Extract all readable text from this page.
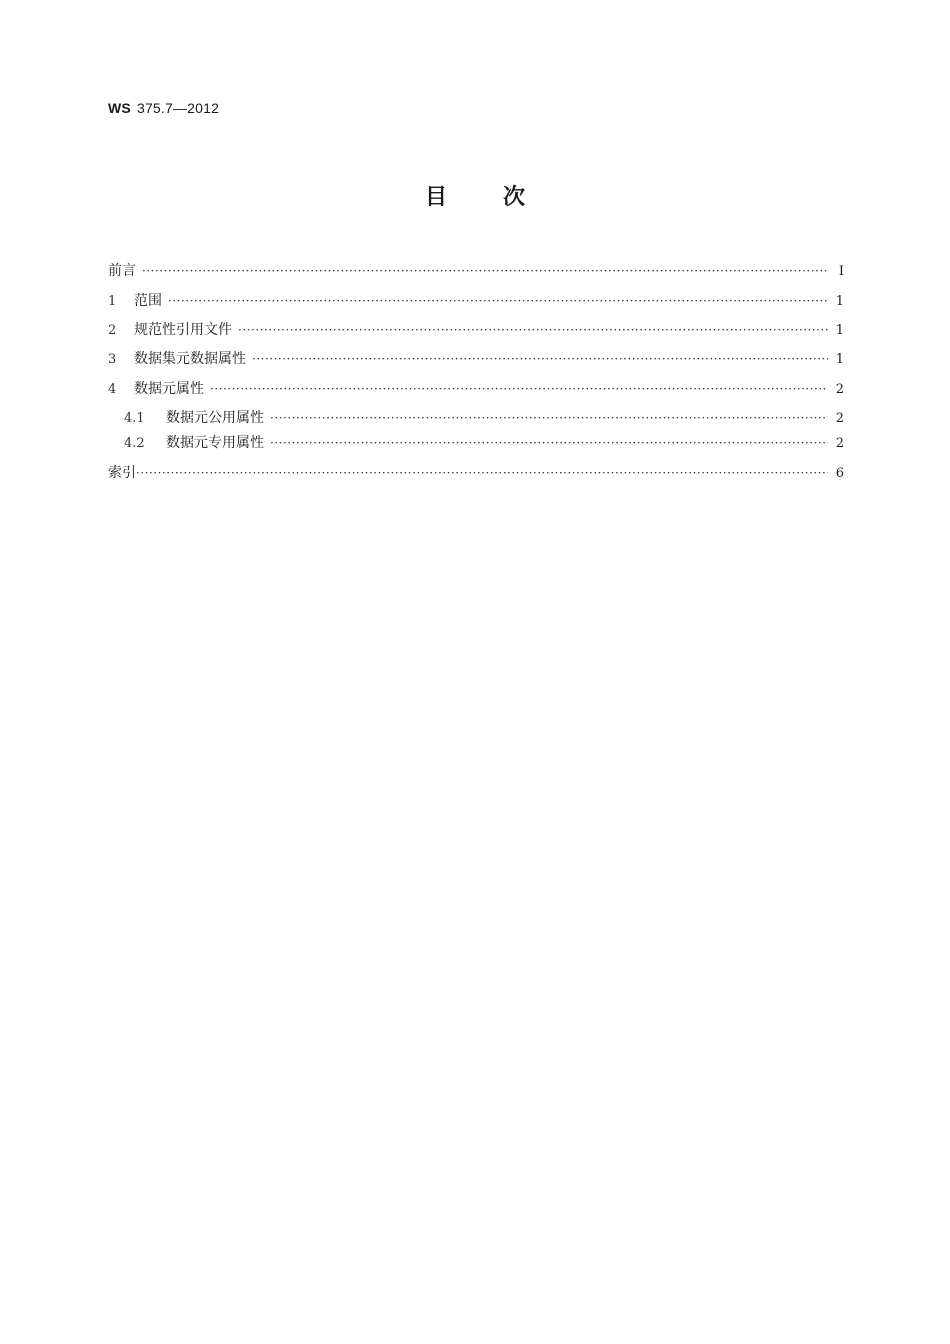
WS 375.7—2012
目	次
前言 ·····	Ⅰ
1	范围 ·····	1
2	规范性引用文件 ·····	1
3	数据集元数据属性 ·····	1
4	数据元属性 ·····	2
4.1	数据元公用属性 ·····	2
4.2	数据元专用属性 ·····	2
索引 ·····	6
